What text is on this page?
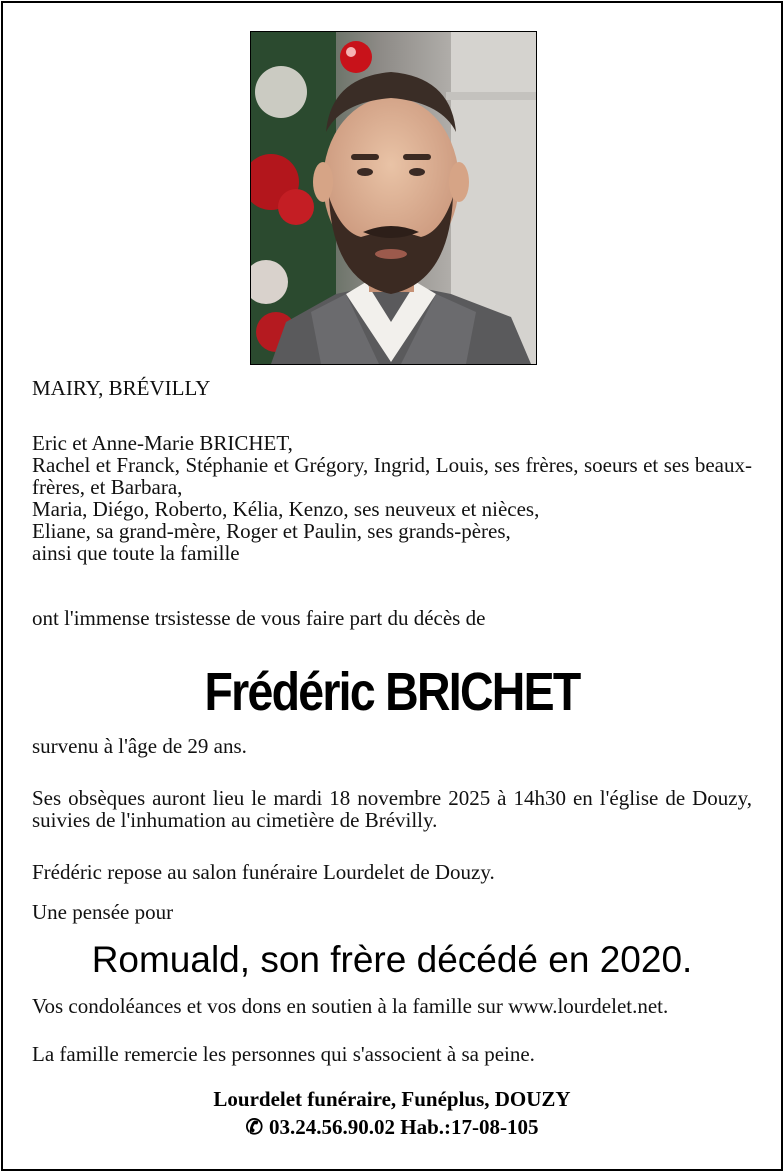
MAIRY, BRÉVILLY
Eric et Anne-Marie BRICHET,
Rachel et Franck, Stéphanie et Grégory, Ingrid, Louis, ses frères, soeurs et ses beaux-frères, et Barbara,
Maria, Diégo, Roberto, Kélia, Kenzo, ses neuveux et nièces,
Eliane, sa grand-mère, Roger et Paulin, ses grands-pères,
ainsi que toute la famille
ont l'immense trsistesse de vous faire part du décès de
Frédéric BRICHET
survenu à l'âge de 29 ans.
Ses obsèques auront lieu le mardi 18 novembre 2025 à 14h30 en l'église de Douzy, suivies de l'inhumation au cimetière de Brévilly.
Frédéric repose au salon funéraire Lourdelet de Douzy.
Une pensée pour
Romuald, son frère décédé en 2020.
Vos condoléances et vos dons en soutien à la famille sur www.lourdelet.net.
La famille remercie les personnes qui s'associent à sa peine.
Lourdelet funéraire, Funéplus, DOUZY
✆ 03.24.56.90.02 Hab.:17-08-105
